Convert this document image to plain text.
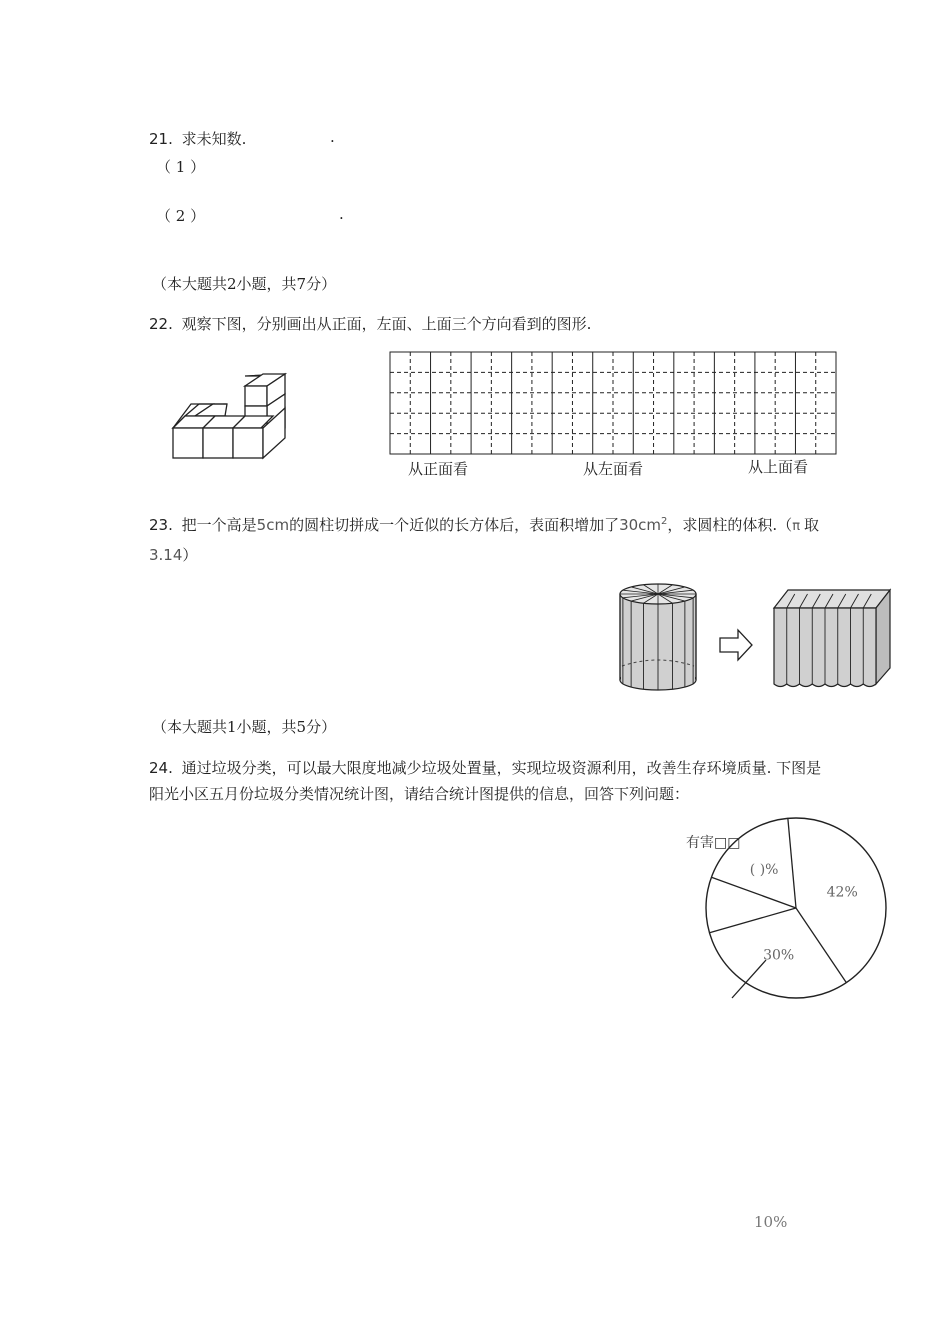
21. 求未知数.	.
（ 1 ）
（ 2 ）	.
（本大题共2小题，共7分）
22. 观察下图，分别画出从正面，左面、上面三个方向看到的图形.
从正面看	从左面看	从上面看
23. 把一个高是5cm的圆柱切拼成一个近似的长方体后，表面积增加了$30cm^2$，求圆柱的体积.（π 取
3.14）
（本大题共1小题，共5分）
24. 通过垃圾分类，可以最大限度地减少垃圾处置量，实现垃圾资源利用，改善生存环境质量. 下图是
阳光小区五月份垃圾分类情况统计图，请结合统计图提供的信息，回答下列问题：
( )%
42%
30%
有害□□
10%
